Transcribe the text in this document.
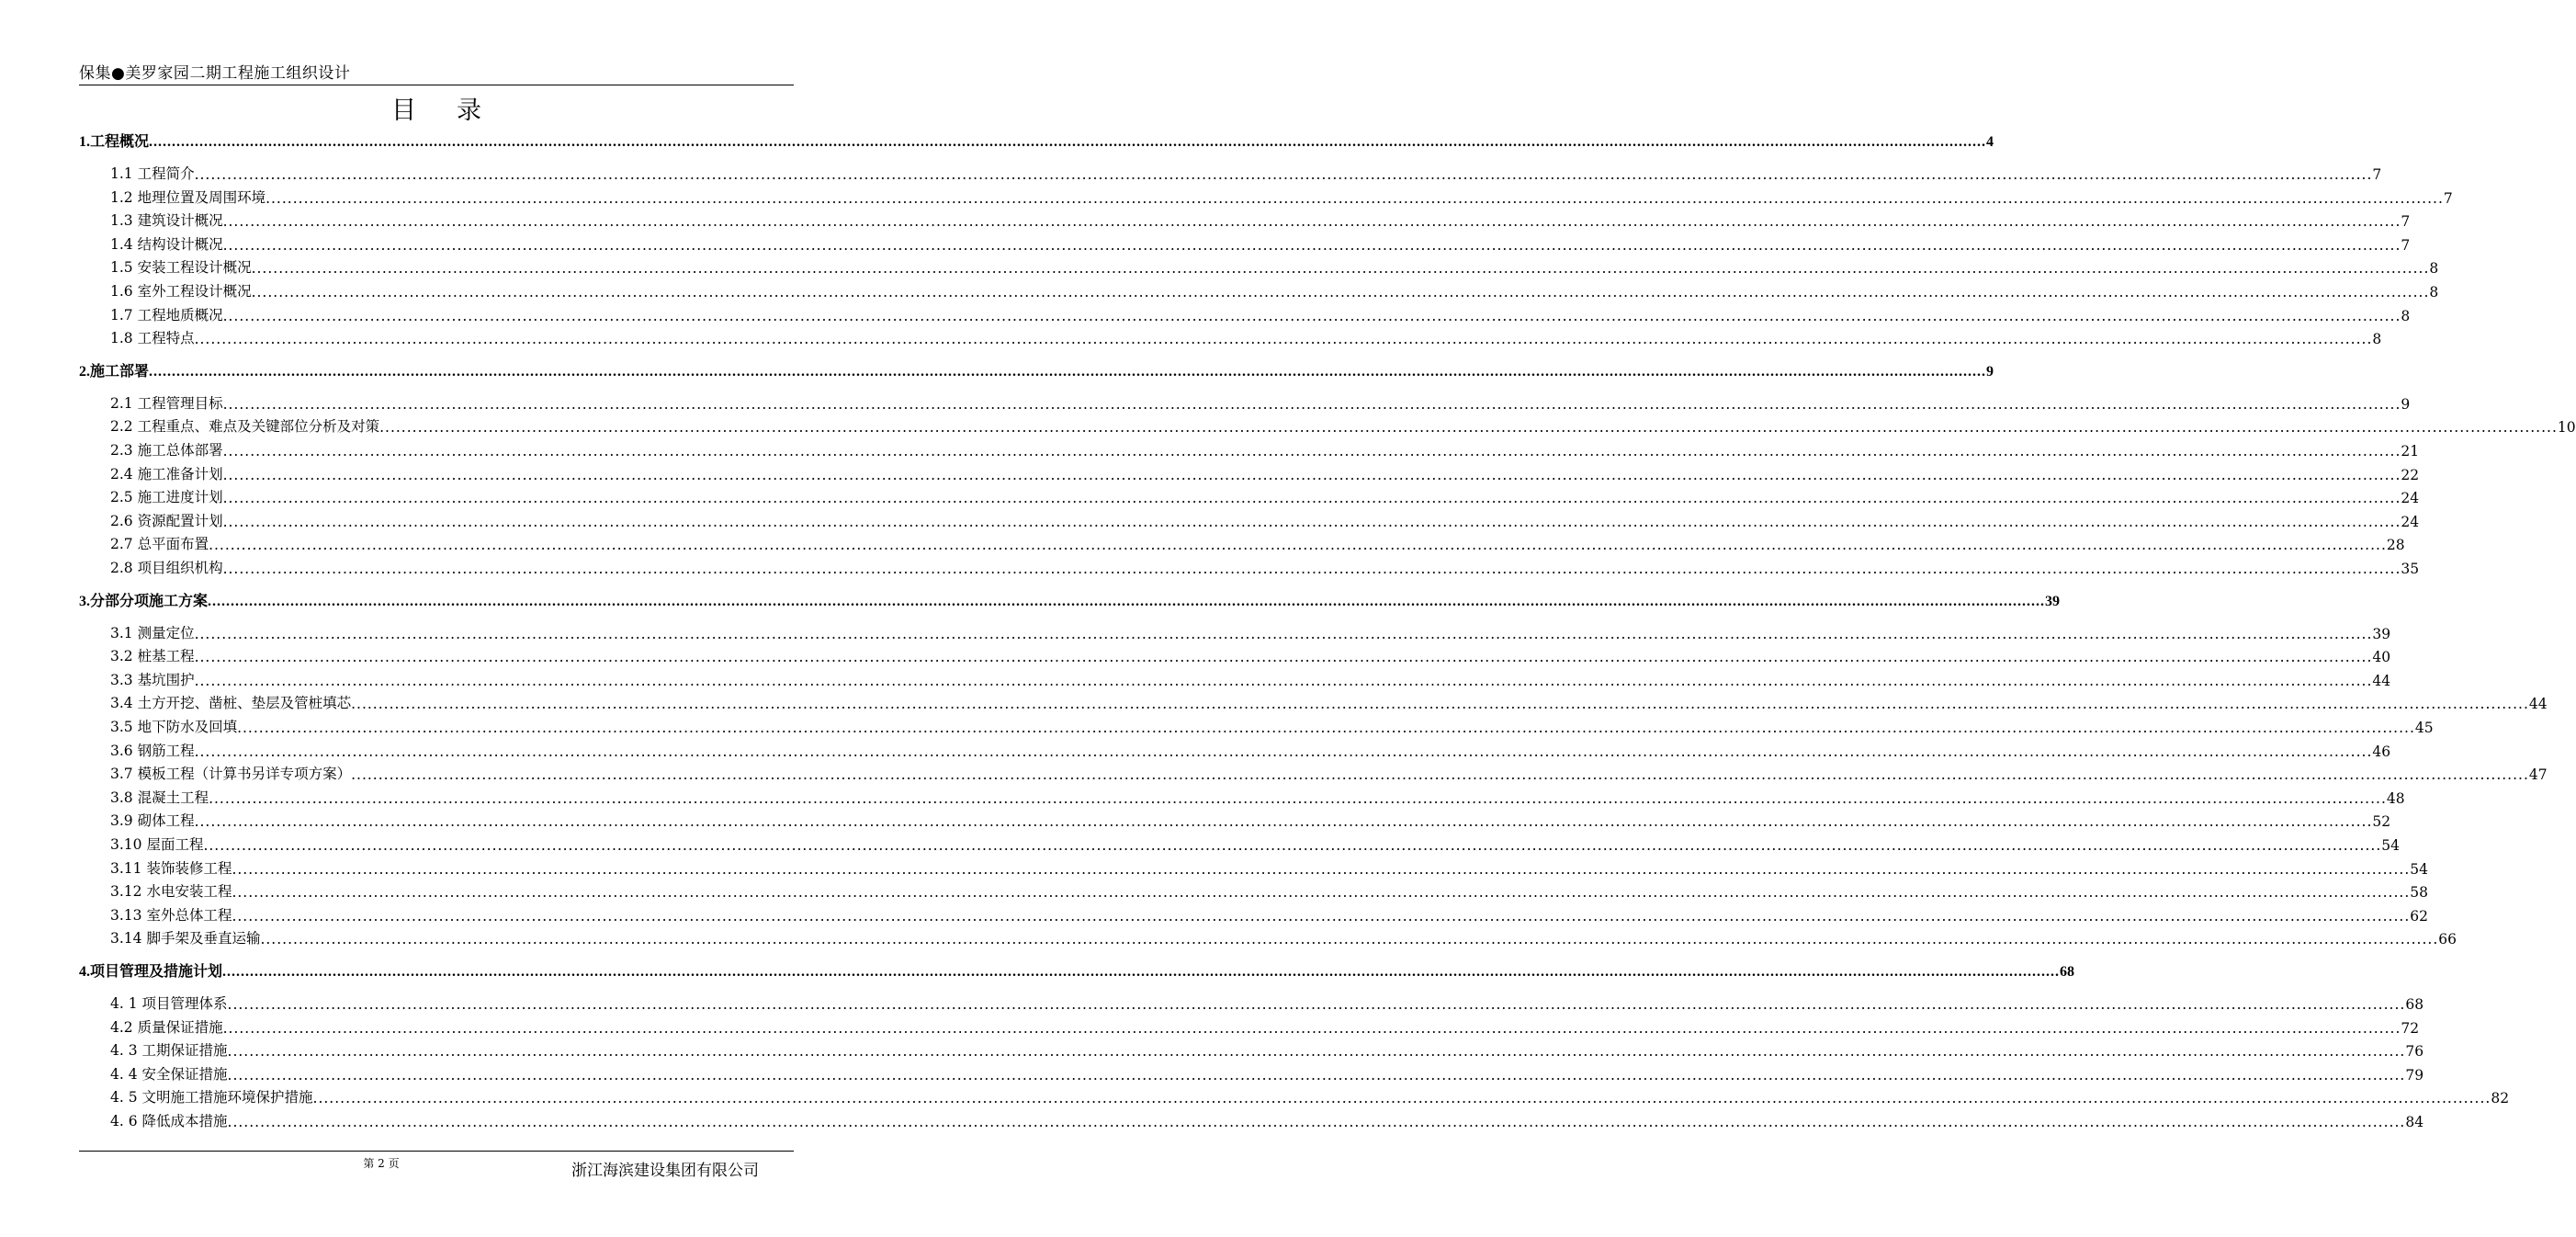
保集●美罗家园二期工程施工组织设计
目录
1.工程概况 ................................................................................................................................................................................................................................................................................................................................................................................................................ 4
1.1 工程简介 ................................................................................................................................................................................................................................................................................................................................................................................................................ 7
1.2 地理位置及周围环境 ................................................................................................................................................................................................................................................................................................................................................................................................................ 7
1.3 建筑设计概况 ................................................................................................................................................................................................................................................................................................................................................................................................................ 7
1.4 结构设计概况 ................................................................................................................................................................................................................................................................................................................................................................................................................ 7
1.5 安装工程设计概况 ................................................................................................................................................................................................................................................................................................................................................................................................................ 8
1.6 室外工程设计概况 ................................................................................................................................................................................................................................................................................................................................................................................................................ 8
1.7 工程地质概况 ................................................................................................................................................................................................................................................................................................................................................................................................................ 8
1.8 工程特点 ................................................................................................................................................................................................................................................................................................................................................................................................................ 8
2.施工部署 ................................................................................................................................................................................................................................................................................................................................................................................................................ 9
2.1 工程管理目标 ................................................................................................................................................................................................................................................................................................................................................................................................................ 9
2.2 工程重点、难点及关键部位分析及对策 ................................................................................................................................................................................................................................................................................................................................................................................................................ 10
2.3 施工总体部署 ................................................................................................................................................................................................................................................................................................................................................................................................................ 21
2.4 施工准备计划 ................................................................................................................................................................................................................................................................................................................................................................................................................ 22
2.5 施工进度计划 ................................................................................................................................................................................................................................................................................................................................................................................................................ 24
2.6 资源配置计划 ................................................................................................................................................................................................................................................................................................................................................................................................................ 24
2.7 总平面布置 ................................................................................................................................................................................................................................................................................................................................................................................................................ 28
2.8 项目组织机构 ................................................................................................................................................................................................................................................................................................................................................................................................................ 35
3.分部分项施工方案 ................................................................................................................................................................................................................................................................................................................................................................................................................ 39
3.1 测量定位 ................................................................................................................................................................................................................................................................................................................................................................................................................ 39
3.2 桩基工程 ................................................................................................................................................................................................................................................................................................................................................................................................................ 40
3.3 基坑围护 ................................................................................................................................................................................................................................................................................................................................................................................................................ 44
3.4 土方开挖、凿桩、垫层及管桩填芯 ................................................................................................................................................................................................................................................................................................................................................................................................................ 44
3.5 地下防水及回填 ................................................................................................................................................................................................................................................................................................................................................................................................................ 45
3.6 钢筋工程 ................................................................................................................................................................................................................................................................................................................................................................................................................ 46
3.7 模板工程（计算书另详专项方案） ................................................................................................................................................................................................................................................................................................................................................................................................................ 47
3.8 混凝土工程 ................................................................................................................................................................................................................................................................................................................................................................................................................ 48
3.9 砌体工程 ................................................................................................................................................................................................................................................................................................................................................................................................................ 52
3.10 屋面工程 ................................................................................................................................................................................................................................................................................................................................................................................................................ 54
3.11 装饰装修工程 ................................................................................................................................................................................................................................................................................................................................................................................................................ 54
3.12 水电安装工程 ................................................................................................................................................................................................................................................................................................................................................................................................................ 58
3.13 室外总体工程 ................................................................................................................................................................................................................................................................................................................................................................................................................ 62
3.14 脚手架及垂直运输 ................................................................................................................................................................................................................................................................................................................................................................................................................ 66
4.项目管理及措施计划 ................................................................................................................................................................................................................................................................................................................................................................................................................ 68
4. 1 项目管理体系 ................................................................................................................................................................................................................................................................................................................................................................................................................ 68
4.2 质量保证措施 ................................................................................................................................................................................................................................................................................................................................................................................................................ 72
4. 3 工期保证措施 ................................................................................................................................................................................................................................................................................................................................................................................................................ 76
4. 4 安全保证措施 ................................................................................................................................................................................................................................................................................................................................................................................................................ 79
4. 5 文明施工措施环境保护措施 ................................................................................................................................................................................................................................................................................................................................................................................................................ 82
4. 6 降低成本措施 ................................................................................................................................................................................................................................................................................................................................................................................................................ 84
第 2 页	浙江海滨建设集团有限公司
